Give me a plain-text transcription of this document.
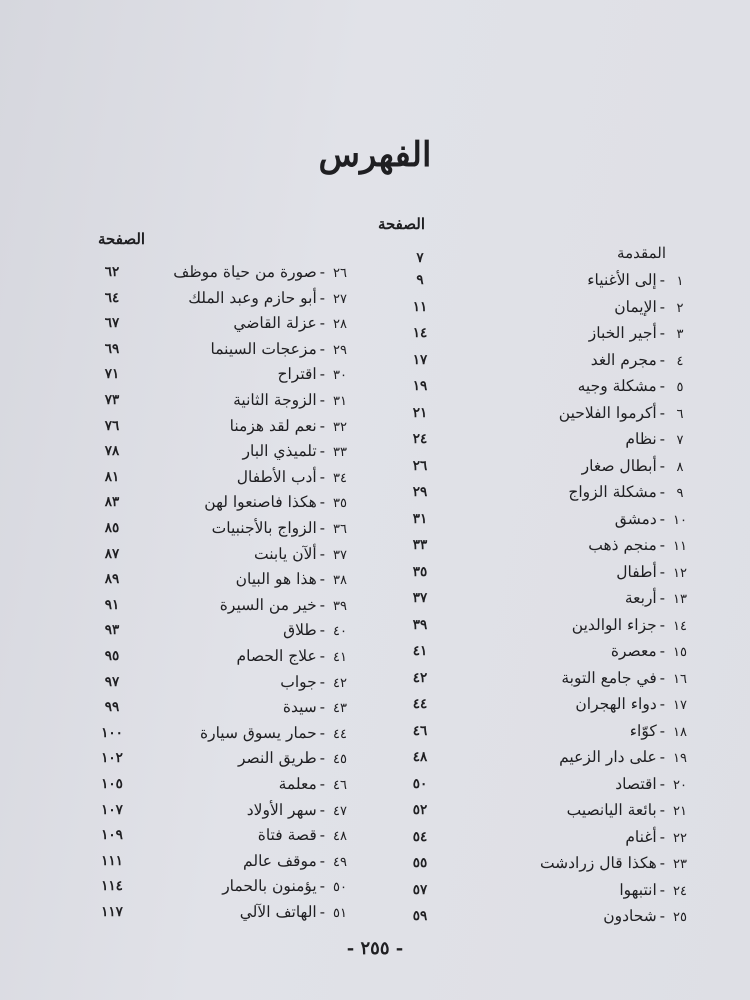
الفهرس
الصفحة
الصفحة
المقدمة
٧
١-إلى الأغنياء
٩
٢-الإيمان
١١
٣-أجير الخباز
١٤
٤-مجرم الغد
١٧
٥-مشكلة وجيه
١٩
٦-أكرموا الفلاحين
٢١
٧-نظام
٢٤
٨-أبطال صغار
٢٦
٩-مشكلة الزواج
٢٩
١٠-دمشق
٣١
١١-منجم ذهب
٣٣
١٢-أطفال
٣٥
١٣-أربعة
٣٧
١٤-جزاء الوالدين
٣٩
١٥-معصرة
٤١
١٦-في جامع التوبة
٤٢
١٧-دواء الهجران
٤٤
١٨-كوّاء
٤٦
١٩-على دار الزعيم
٤٨
٢٠-اقتصاد
٥٠
٢١-بائعة اليانصيب
٥٢
٢٢-أغنام
٥٤
٢٣-هكذا قال زرادشت
٥٥
٢٤-انتبهوا
٥٧
٢٥-شحادون
٥٩
٢٦-صورة من حياة موظف
٦٢
٢٧-أبو حازم وعبد الملك
٦٤
٢٨-عزلة القاضي
٦٧
٢٩-مزعجات السينما
٦٩
٣٠-اقتراح
٧١
٣١-الزوجة الثانية
٧٣
٣٢-نعم لقد هزمنا
٧٦
٣٣-تلميذي البار
٧٨
٣٤-أدب الأطفال
٨١
٣٥-هكذا فاصنعوا لهن
٨٣
٣٦-الزواج بالأجنبيات
٨٥
٣٧-ألآن يابنت
٨٧
٣٨-هذا هو البيان
٨٩
٣٩-خير من السيرة
٩١
٤٠-طلاق
٩٣
٤١-علاج الحصام
٩٥
٤٢-جواب
٩٧
٤٣-سيدة
٩٩
٤٤-حمار يسوق سيارة
١٠٠
٤٥-طريق النصر
١٠٢
٤٦-معلمة
١٠٥
٤٧-سهر الأولاد
١٠٧
٤٨-قصة فتاة
١٠٩
٤٩-موقف عالم
١١١
٥٠-يؤمنون بالحمار
١١٤
٥١-الهاتف الآلي
١١٧
- ٢٥٥ -
